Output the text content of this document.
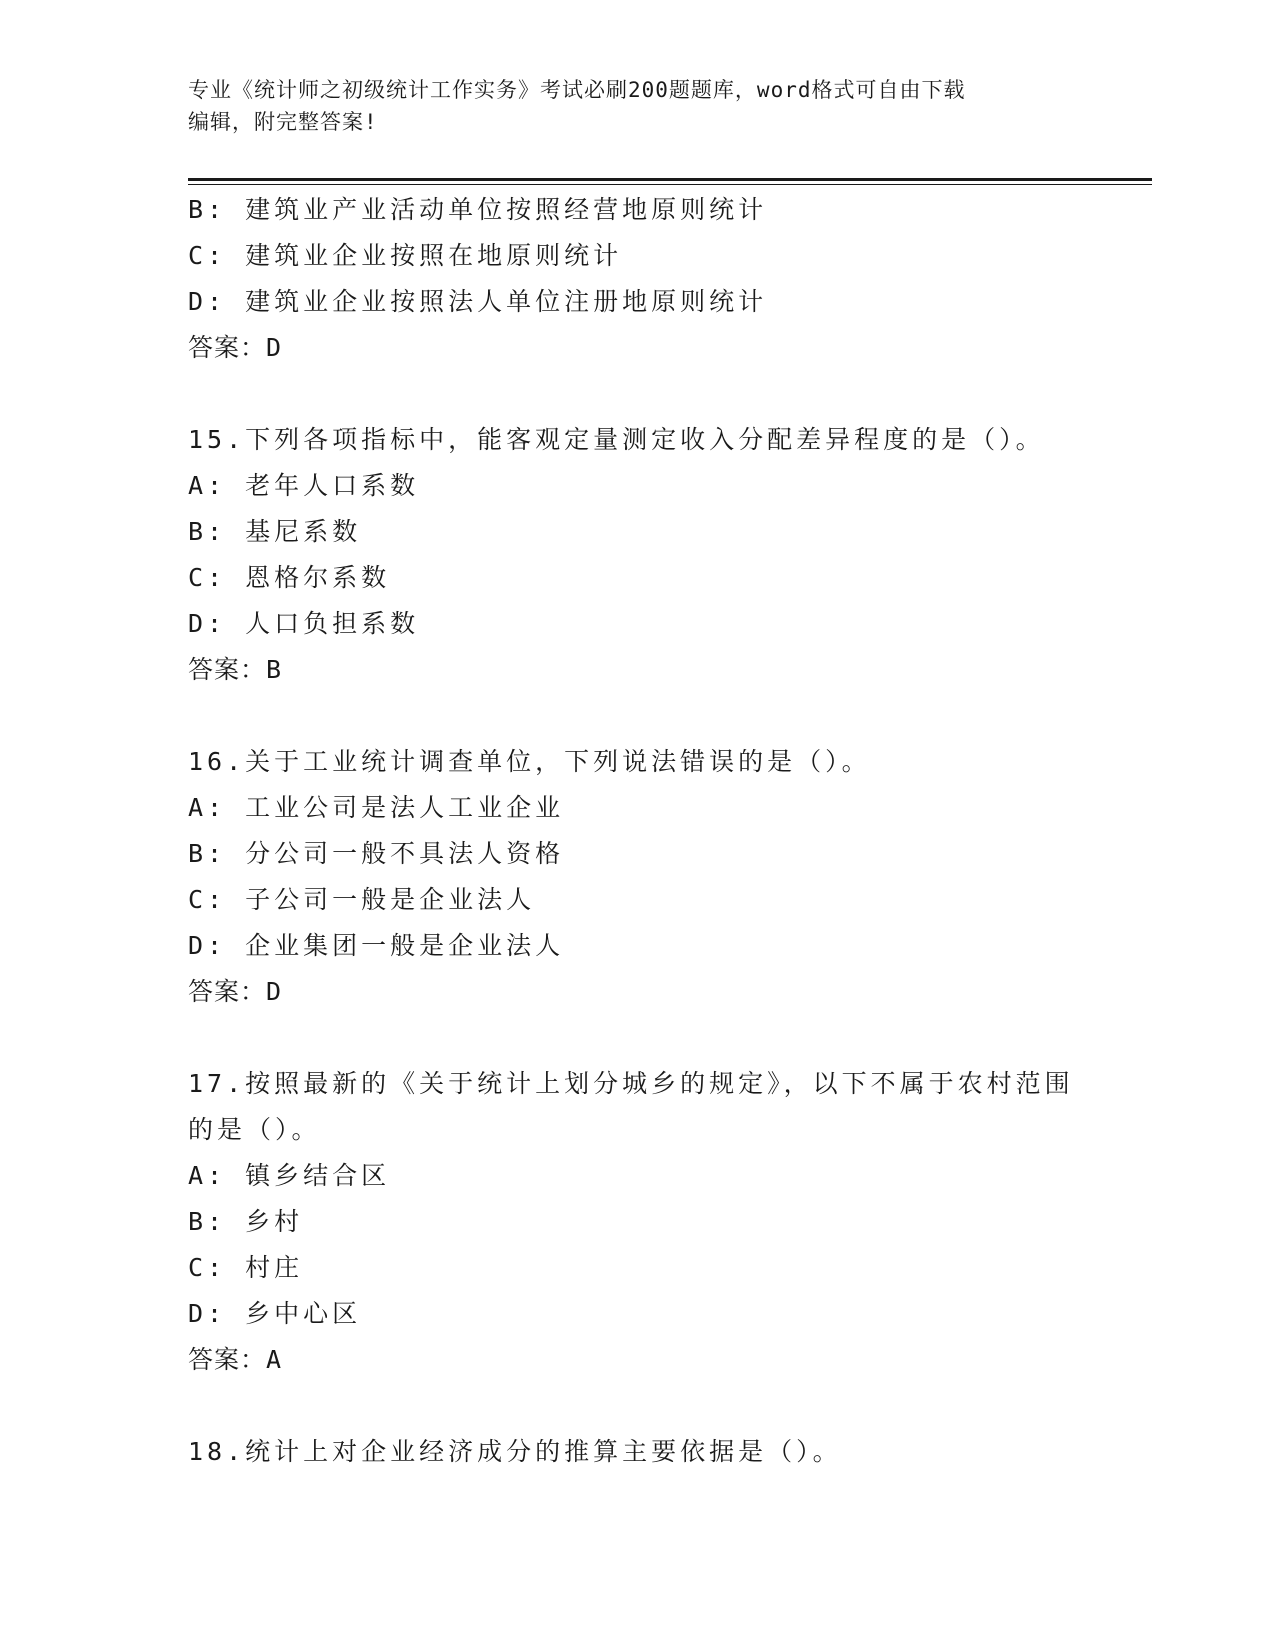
专业《统计师之初级统计工作实务》考试必刷200题题库，word格式可自由下载
编辑，附完整答案!
B: 建筑业产业活动单位按照经营地原则统计
C: 建筑业企业按照在地原则统计
D: 建筑业企业按照法人单位注册地原则统计
答案：D
15.下列各项指标中，能客观定量测定收入分配差异程度的是（）。
A: 老年人口系数
B: 基尼系数
C: 恩格尔系数
D: 人口负担系数
答案：B
16.关于工业统计调查单位，下列说法错误的是（）。
A: 工业公司是法人工业企业
B: 分公司一般不具法人资格
C: 子公司一般是企业法人
D: 企业集团一般是企业法人
答案：D
17.按照最新的《关于统计上划分城乡的规定》，以下不属于农村范围
的是（）。
A: 镇乡结合区
B: 乡村
C: 村庄
D: 乡中心区
答案：A
18.统计上对企业经济成分的推算主要依据是（）。
